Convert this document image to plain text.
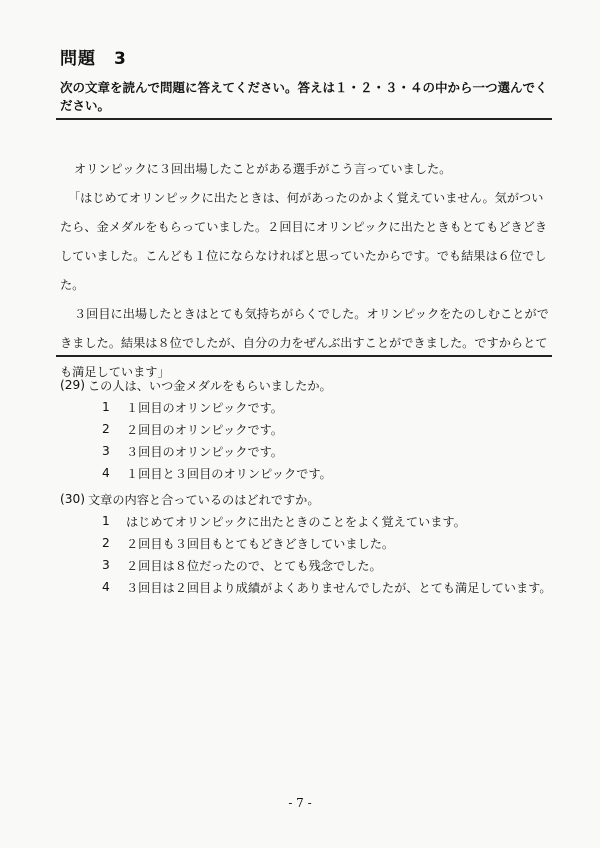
問題 3
次の文章を読んで問題に答えてください。答えは１・２・３・４の中から一つ選んでください。

オリンピックに３回出場したことがある選手がこう言っていました。

「はじめてオリンピックに出たときは、何があったのかよく覚えていません。気がついたら、金メダルをもらっていました。２回目にオリンピックに出たときもとてもどきどきしていました。こんども１位にならなければと思っていたからです。でも結果は６位でした。

３回目に出場したときはとても気持ちがらくでした。オリンピックをたのしむことができました。結果は８位でしたが、自分の力をぜんぶ出すことができました。ですからとても満足しています」

(29) この人は、いつ金メダルをもらいましたか。
1	１回目のオリンピックです。
2	２回目のオリンピックです。
3	３回目のオリンピックです。
4	１回目と３回目のオリンピックです。
(30) 文章の内容と合っているのはどれですか。
1	はじめてオリンピックに出たときのことをよく覚えています。
2	２回目も３回目もとてもどきどきしていました。
3	２回目は８位だったので、とても残念でした。
4	３回目は２回目より成績がよくありませんでしたが、とても満足しています。
- 7 -
